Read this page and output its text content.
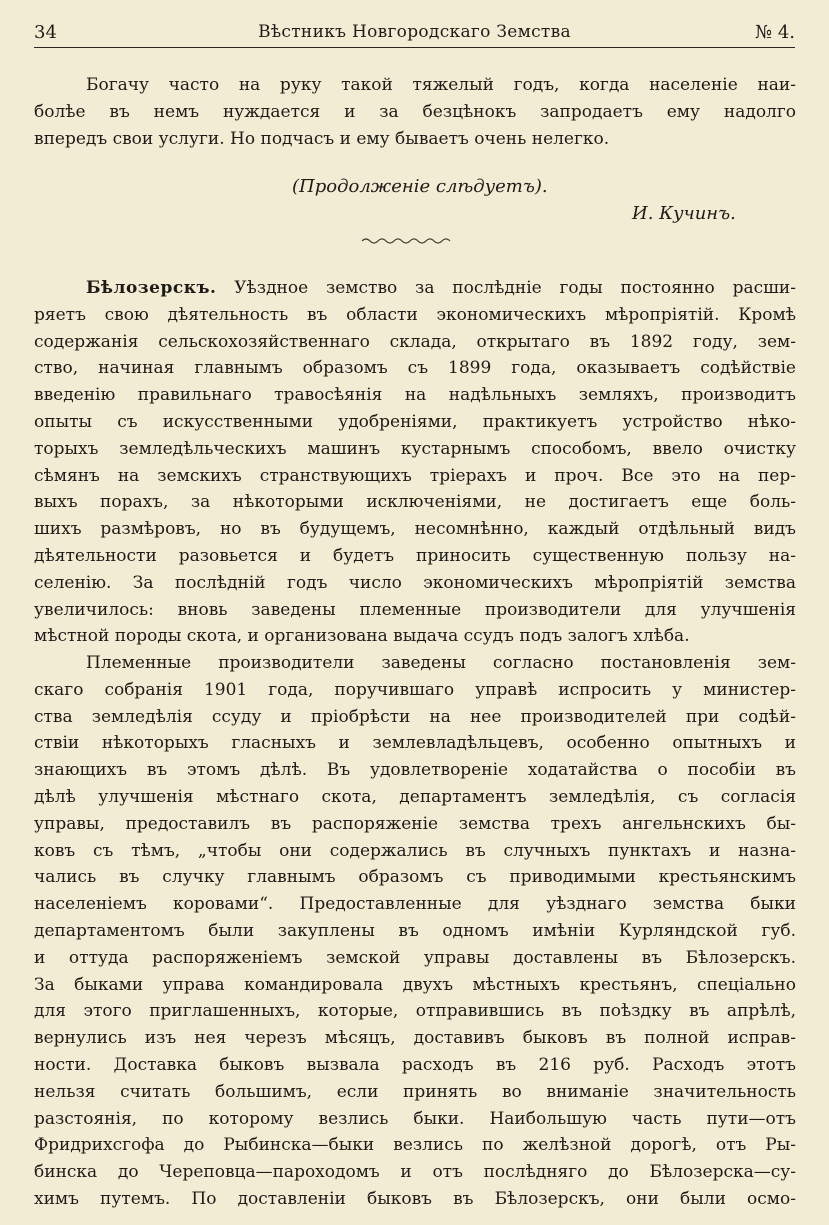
34	Вѣстникъ Новгородскаго Земства	№ 4.
Богачу часто на руку такой тяжелый годъ, когда населеніе наи-
болѣе въ немъ нуждается и за безцѣнокъ запродаетъ ему надолго
впередъ свои услуги. Но подчасъ и ему бываетъ очень нелегко.
(Продолженіе слѣдуетъ).
И. Кучинъ.
Бѣлозерскъ. Уѣздное земство за послѣдніе годы постоянно расши-
ряетъ свою дѣятельность въ области экономическихъ мѣропріятій. Кромѣ
содержанія сельскохозяйственнаго склада, открытаго въ 1892 году, зем-
ство, начиная главнымъ образомъ съ 1899 года, оказываетъ содѣйствіе
введенію правильнаго травосѣянія на надѣльныхъ земляхъ, производитъ
опыты съ искусственными удобреніями, практикуетъ устройство нѣко-
торыхъ земледѣльческихъ машинъ кустарнымъ способомъ, ввело очистку
сѣмянъ на земскихъ странствующихъ тріерахъ и проч. Все это на пер-
выхъ порахъ, за нѣкоторыми исключеніями, не достигаетъ еще боль-
шихъ размѣровъ, но въ будущемъ, несомнѣнно, каждый отдѣльный видъ
дѣятельности разовьется и будетъ приносить существенную пользу на-
селенію. За послѣдній годъ число экономическихъ мѣропріятій земства
увеличилось: вновь заведены племенные производители для улучшенія
мѣстной породы скота, и организована выдача ссудъ подъ залогъ хлѣба.
Племенные производители заведены согласно постановленія зем-
скаго собранія 1901 года, поручившаго управѣ испросить у министер-
ства земледѣлія ссуду и пріобрѣсти на нее производителей при содѣй-
ствіи нѣкоторыхъ гласныхъ и землевладѣльцевъ, особенно опытныхъ и
знающихъ въ этомъ дѣлѣ. Въ удовлетвореніе ходатайства о пособіи въ
дѣлѣ улучшенія мѣстнаго скота, департаментъ земледѣлія, съ согласія
управы, предоставилъ въ распоряженіе земства трехъ ангельнскихъ бы-
ковъ съ тѣмъ, „чтобы они содержались въ случныхъ пунктахъ и назна-
чались въ случку главнымъ образомъ съ приводимыми крестьянскимъ
населеніемъ коровами“. Предоставленные для уѣзднаго земства быки
департаментомъ были закуплены въ одномъ имѣніи Курляндской губ.
и оттуда распоряженіемъ земской управы доставлены въ Бѣлозерскъ.
За быками управа командировала двухъ мѣстныхъ крестьянъ, спеціально
для этого приглашенныхъ, которые, отправившись въ поѣздку въ апрѣлѣ,
вернулись изъ нея черезъ мѣсяцъ, доставивъ быковъ въ полной исправ-
ности. Доставка быковъ вызвала расходъ въ 216 руб. Расходъ этотъ
нельзя считать большимъ, если принять во вниманіе значительность
разстоянія, по которому везлись быки. Наибольшую часть пути—отъ
Фридрихсгофа до Рыбинска—быки везлись по желѣзной дорогѣ, отъ Ры-
бинска до Череповца—пароходомъ и отъ послѣдняго до Бѣлозерска—су-
химъ путемъ. По доставленіи быковъ въ Бѣлозерскъ, они были осмо-
